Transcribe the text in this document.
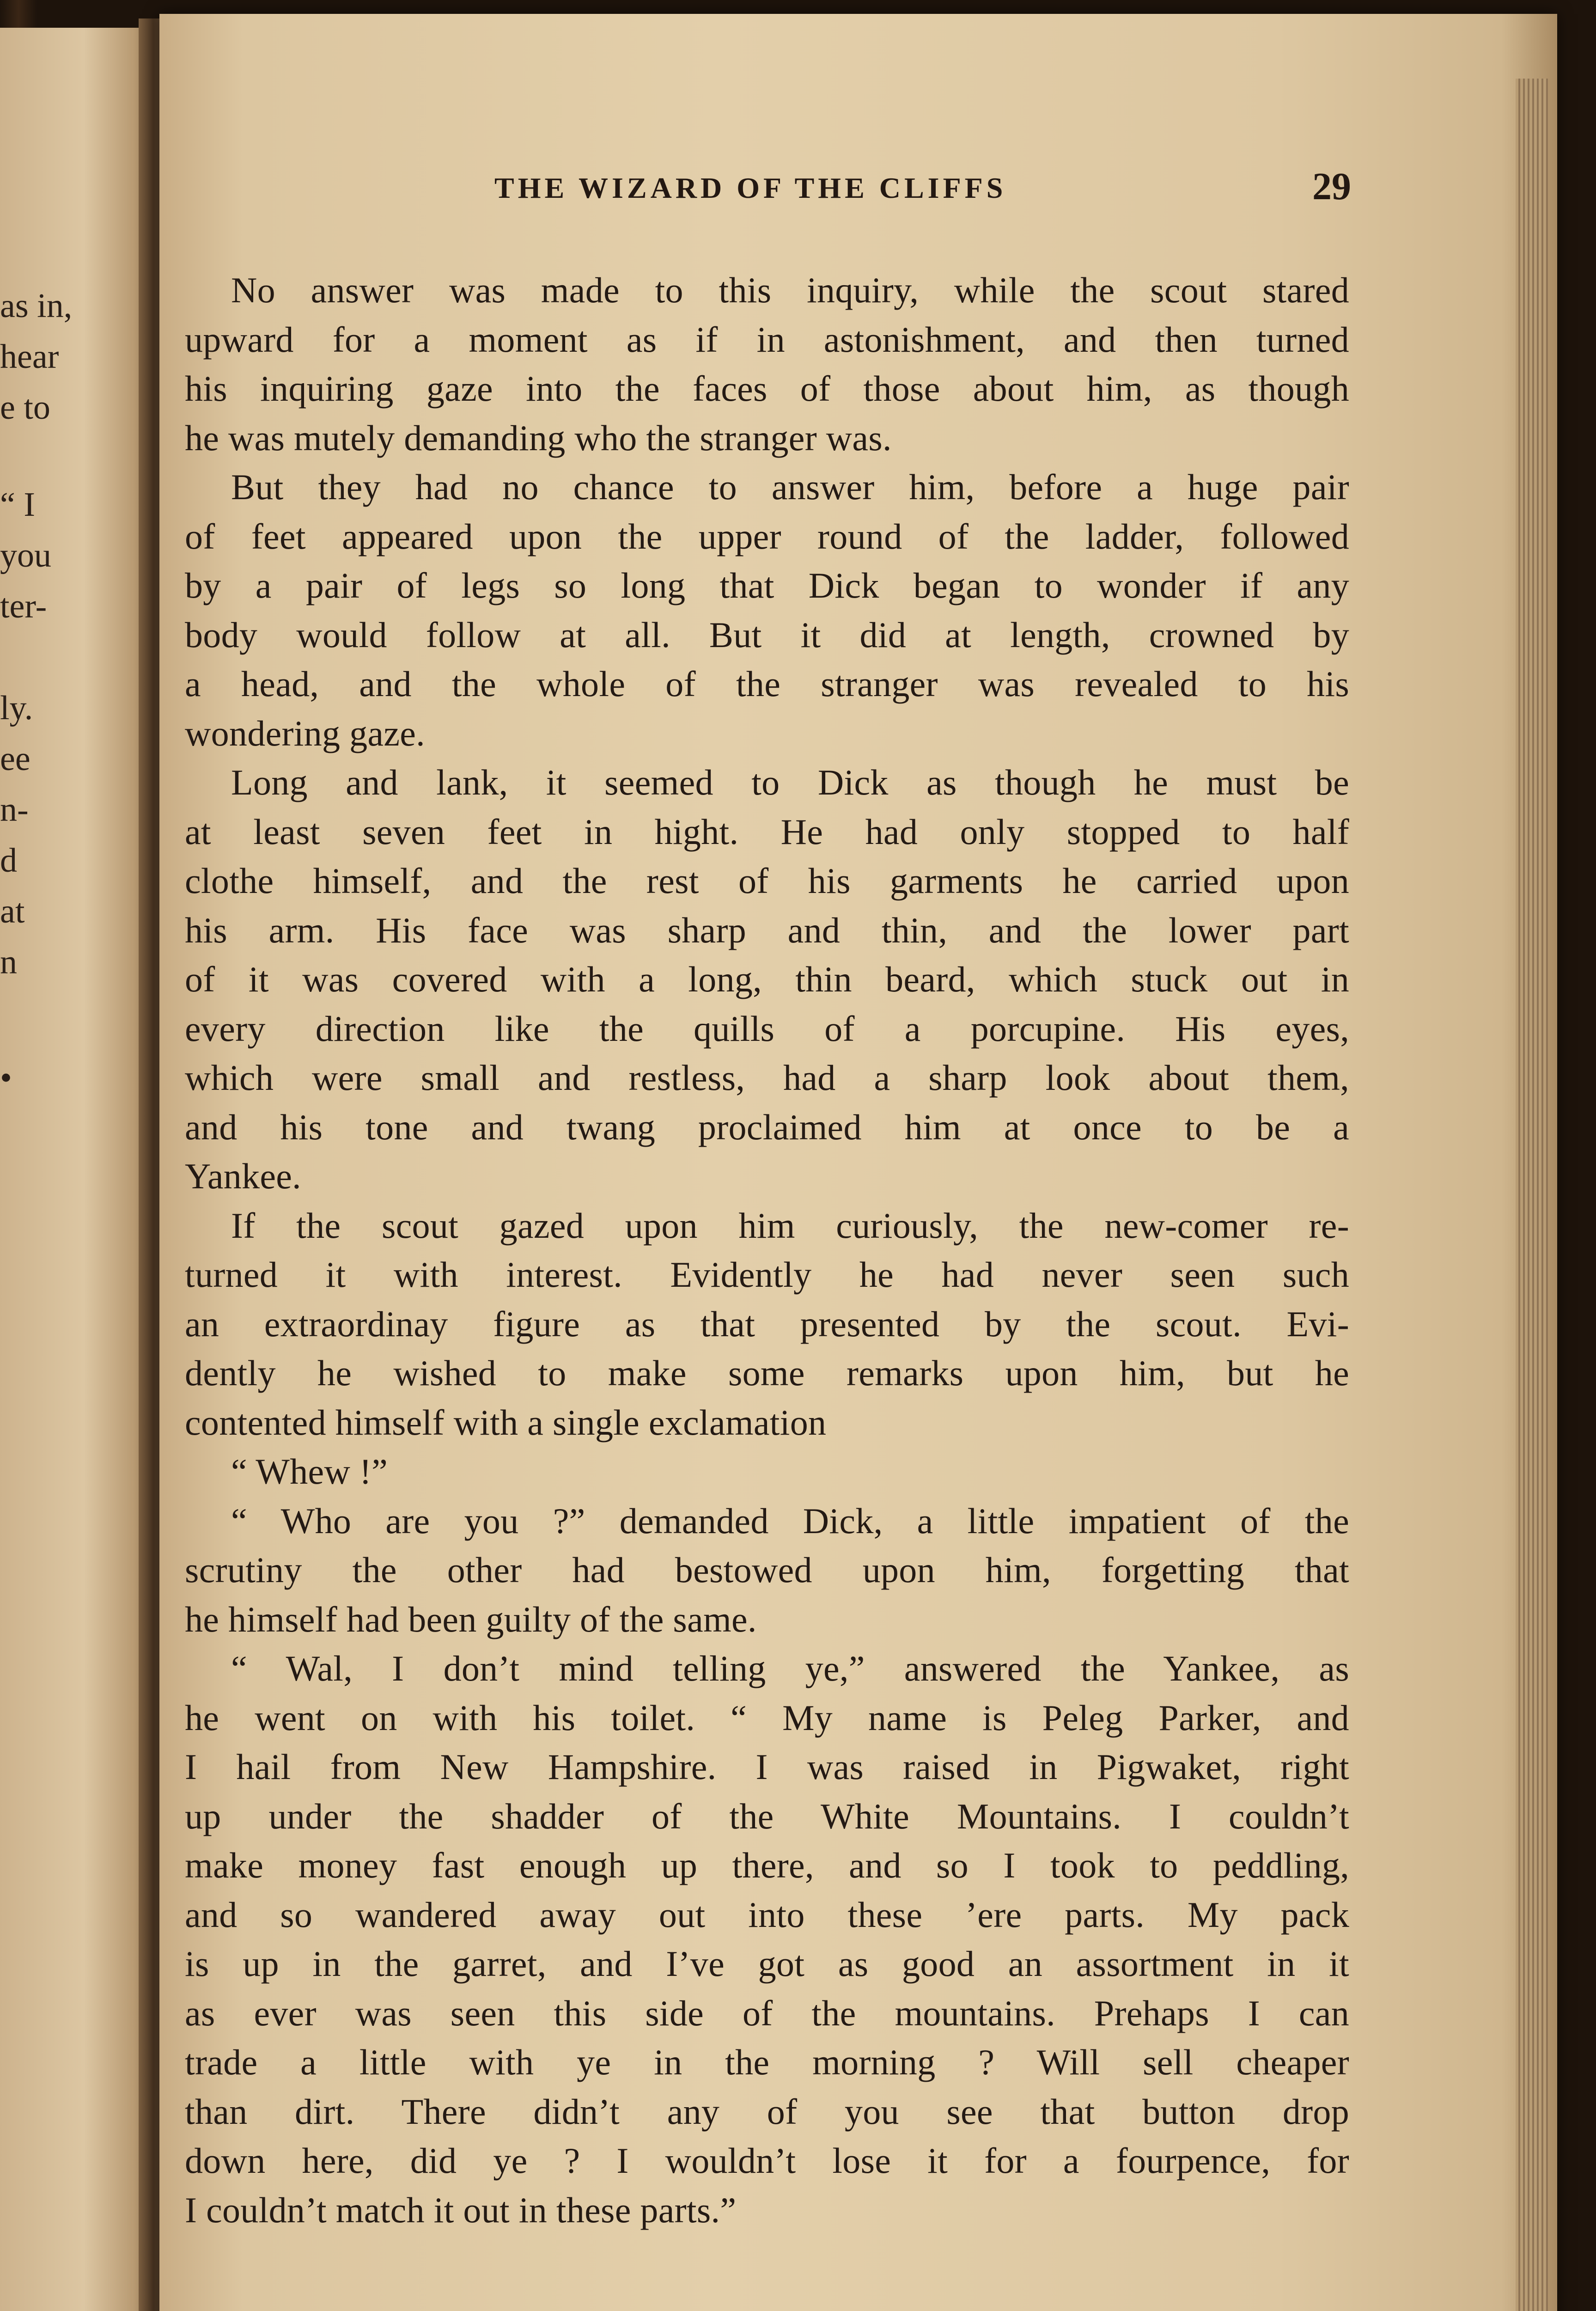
as in,
hear
e to
“ I
you
ter-
ly.
ee
n-
d
at
n
•
THE WIZARD OF THE CLIFFS	29
No answer was made to this inquiry, while the scout stared
upward for a moment as if in astonishment, and then turned
his inquiring gaze into the faces of those about him, as though
he was mutely demanding who the stranger was.
But they had no chance to answer him, before a huge pair
of feet appeared upon the upper round of the ladder, followed
by a pair of legs so long that Dick began to wonder if any
body would follow at all. But it did at length, crowned by
a head, and the whole of the stranger was revealed to his
wondering gaze.
Long and lank, it seemed to Dick as though he must be
at least seven feet in hight. He had only stopped to half
clothe himself, and the rest of his garments he carried upon
his arm. His face was sharp and thin, and the lower part
of it was covered with a long, thin beard, which stuck out in
every direction like the quills of a porcupine. His eyes,
which were small and restless, had a sharp look about them,
and his tone and twang proclaimed him at once to be a
Yankee.
If the scout gazed upon him curiously, the new-comer re-
turned it with interest. Evidently he had never seen such
an extraordinay figure as that presented by the scout. Evi-
dently he wished to make some remarks upon him, but he
contented himself with a single exclamation
“ Whew !”
“ Who are you ?” demanded Dick, a little impatient of the
scrutiny the other had bestowed upon him, forgetting that
he himself had been guilty of the same.
“ Wal, I don’t mind telling ye,” answered the Yankee, as
he went on with his toilet. “ My name is Peleg Parker, and
I hail from New Hampshire. I was raised in Pigwaket, right
up under the shadder of the White Mountains. I couldn’t
make money fast enough up there, and so I took to peddling,
and so wandered away out into these ’ere parts. My pack
is up in the garret, and I’ve got as good an assortment in it
as ever was seen this side of the mountains. Prehaps I can
trade a little with ye in the morning ? Will sell cheaper
than dirt. There didn’t any of you see that button drop
down here, did ye ? I wouldn’t lose it for a fourpence, for
I couldn’t match it out in these parts.”
